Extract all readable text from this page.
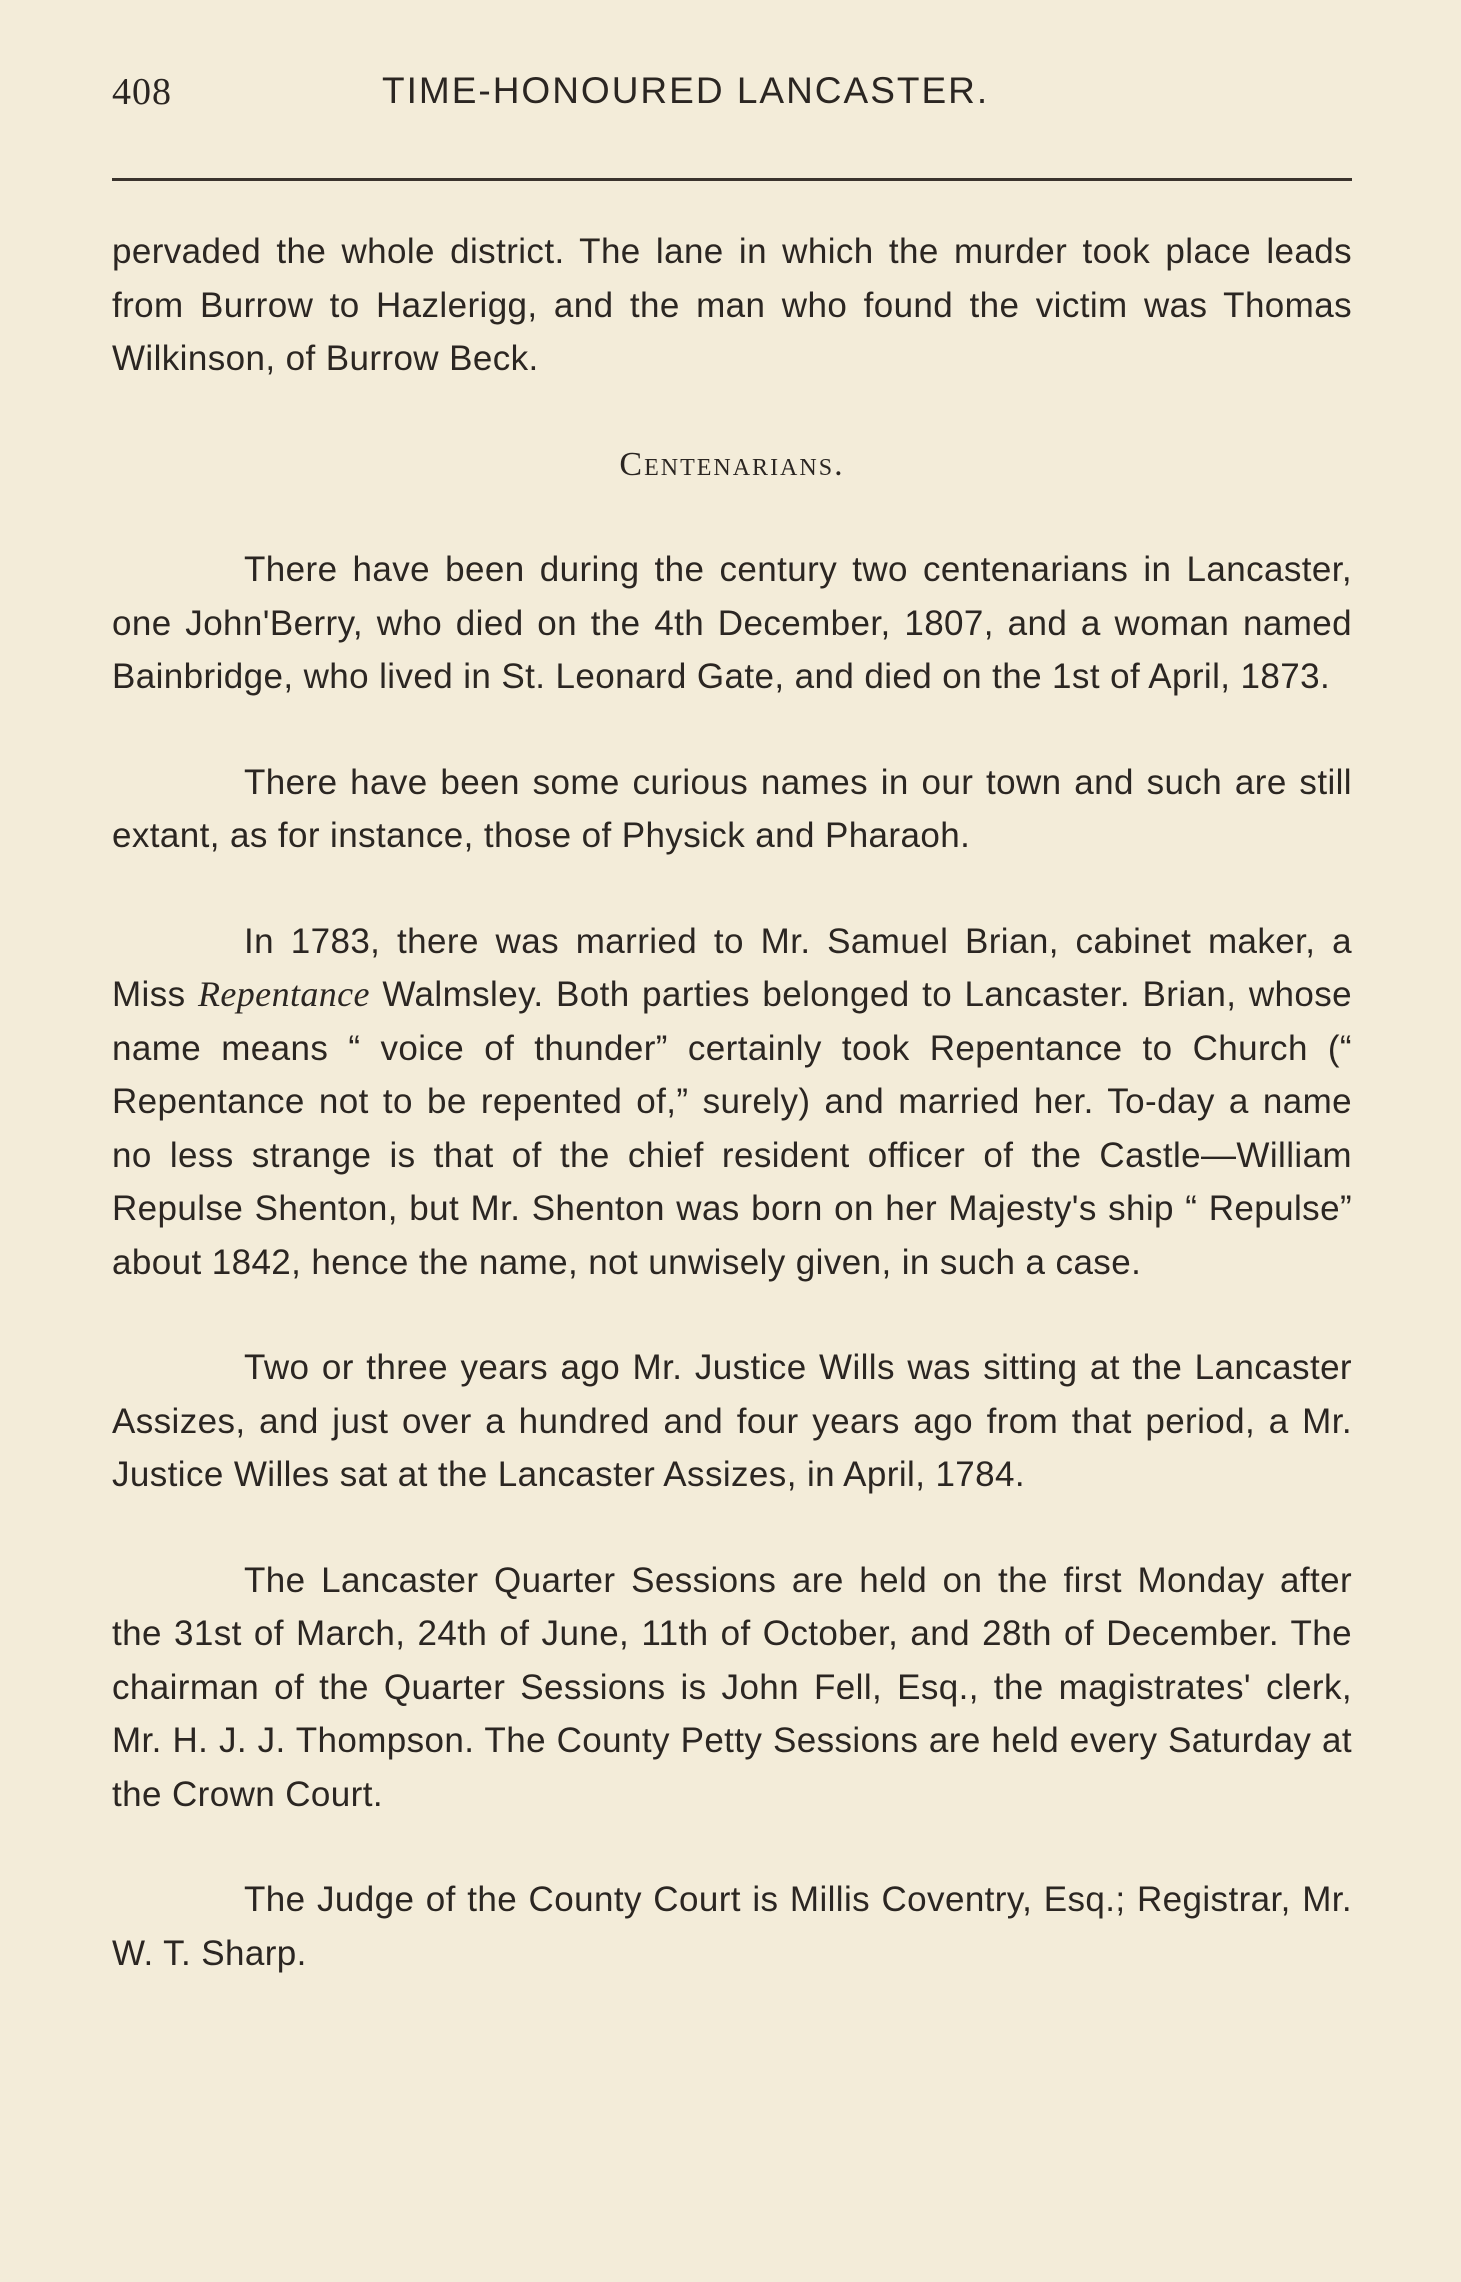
408	TIME-HONOURED LANCASTER.

pervaded the whole district. The lane in which the murder took place leads from Burrow to Hazlerigg, and the man who found the victim was Thomas Wilkinson, of Burrow Beck.

Centenarians.

There have been during the century two centenarians in Lancaster, one John'Berry, who died on the 4th December, 1807, and a woman named Bainbridge, who lived in St. Leonard Gate, and died on the 1st of April, 1873.

There have been some curious names in our town and such are still extant, as for instance, those of Physick and Pharaoh.

In 1783, there was married to Mr. Samuel Brian, cabinet maker, a Miss Repentance Walmsley. Both parties belonged to Lancaster. Brian, whose name means “ voice of thunder” certainly took Repentance to Church (“ Repentance not to be repented of,” surely) and married her. To-day a name no less strange is that of the chief resident officer of the Castle—William Repulse Shenton, but Mr. Shenton was born on her Majesty's ship “ Repulse” about 1842, hence the name, not unwisely given, in such a case.

Two or three years ago Mr. Justice Wills was sitting at the Lancaster Assizes, and just over a hundred and four years ago from that period, a Mr. Justice Willes sat at the Lancaster Assizes, in April, 1784.

The Lancaster Quarter Sessions are held on the first Monday after the 31st of March, 24th of June, 11th of October, and 28th of December. The chairman of the Quarter Sessions is John Fell, Esq., the magistrates' clerk, Mr. H. J. J. Thompson. The County Petty Sessions are held every Saturday at the Crown Court.

The Judge of the County Court is Millis Coventry, Esq.; Registrar, Mr. W. T. Sharp.
